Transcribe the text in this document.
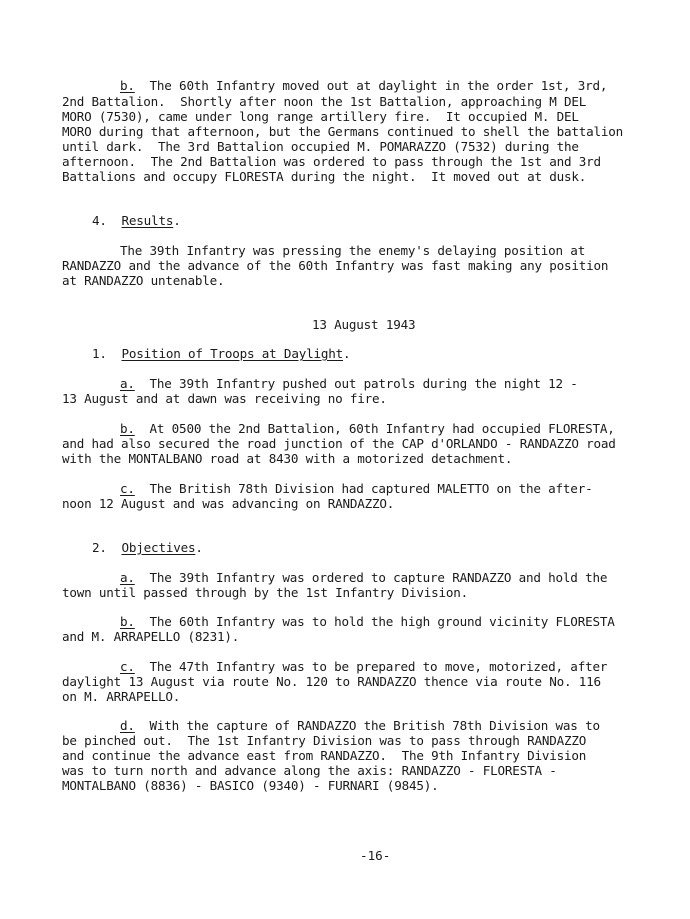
b.  The 60th Infantry moved out at daylight in the order 1st, 3rd,
2nd Battalion.  Shortly after noon the 1st Battalion, approaching M DEL
MORO (7530), came under long range artillery fire.  It occupied M. DEL
MORO during that afternoon, but the Germans continued to shell the battalion
until dark.  The 3rd Battalion occupied M. POMARAZZO (7532) during the
afternoon.  The 2nd Battalion was ordered to pass through the 1st and 3rd
Battalions and occupy FLORESTA during the night.  It moved out at dusk.
4.  Results.
The 39th Infantry was pressing the enemy's delaying position at
RANDAZZO and the advance of the 60th Infantry was fast making any position
at RANDAZZO untenable.
13 August 1943
1.  Position of Troops at Daylight.
a.  The 39th Infantry pushed out patrols during the night 12 -
13 August and at dawn was receiving no fire.
b.  At 0500 the 2nd Battalion, 60th Infantry had occupied FLORESTA,
and had also secured the road junction of the CAP d'ORLANDO - RANDAZZO road
with the MONTALBANO road at 8430 with a motorized detachment.
c.  The British 78th Division had captured MALETTO on the after-
noon 12 August and was advancing on RANDAZZO.
2.  Objectives.
a.  The 39th Infantry was ordered to capture RANDAZZO and hold the
town until passed through by the 1st Infantry Division.
b.  The 60th Infantry was to hold the high ground vicinity FLORESTA
and M. ARRAPELLO (8231).
c.  The 47th Infantry was to be prepared to move, motorized, after
daylight 13 August via route No. 120 to RANDAZZO thence via route No. 116
on M. ARRAPELLO.
d.  With the capture of RANDAZZO the British 78th Division was to
be pinched out.  The 1st Infantry Division was to pass through RANDAZZO
and continue the advance east from RANDAZZO.  The 9th Infantry Division
was to turn north and advance along the axis: RANDAZZO - FLORESTA -
MONTALBANO (8836) - BASICO (9340) - FURNARI (9845).
-16-
